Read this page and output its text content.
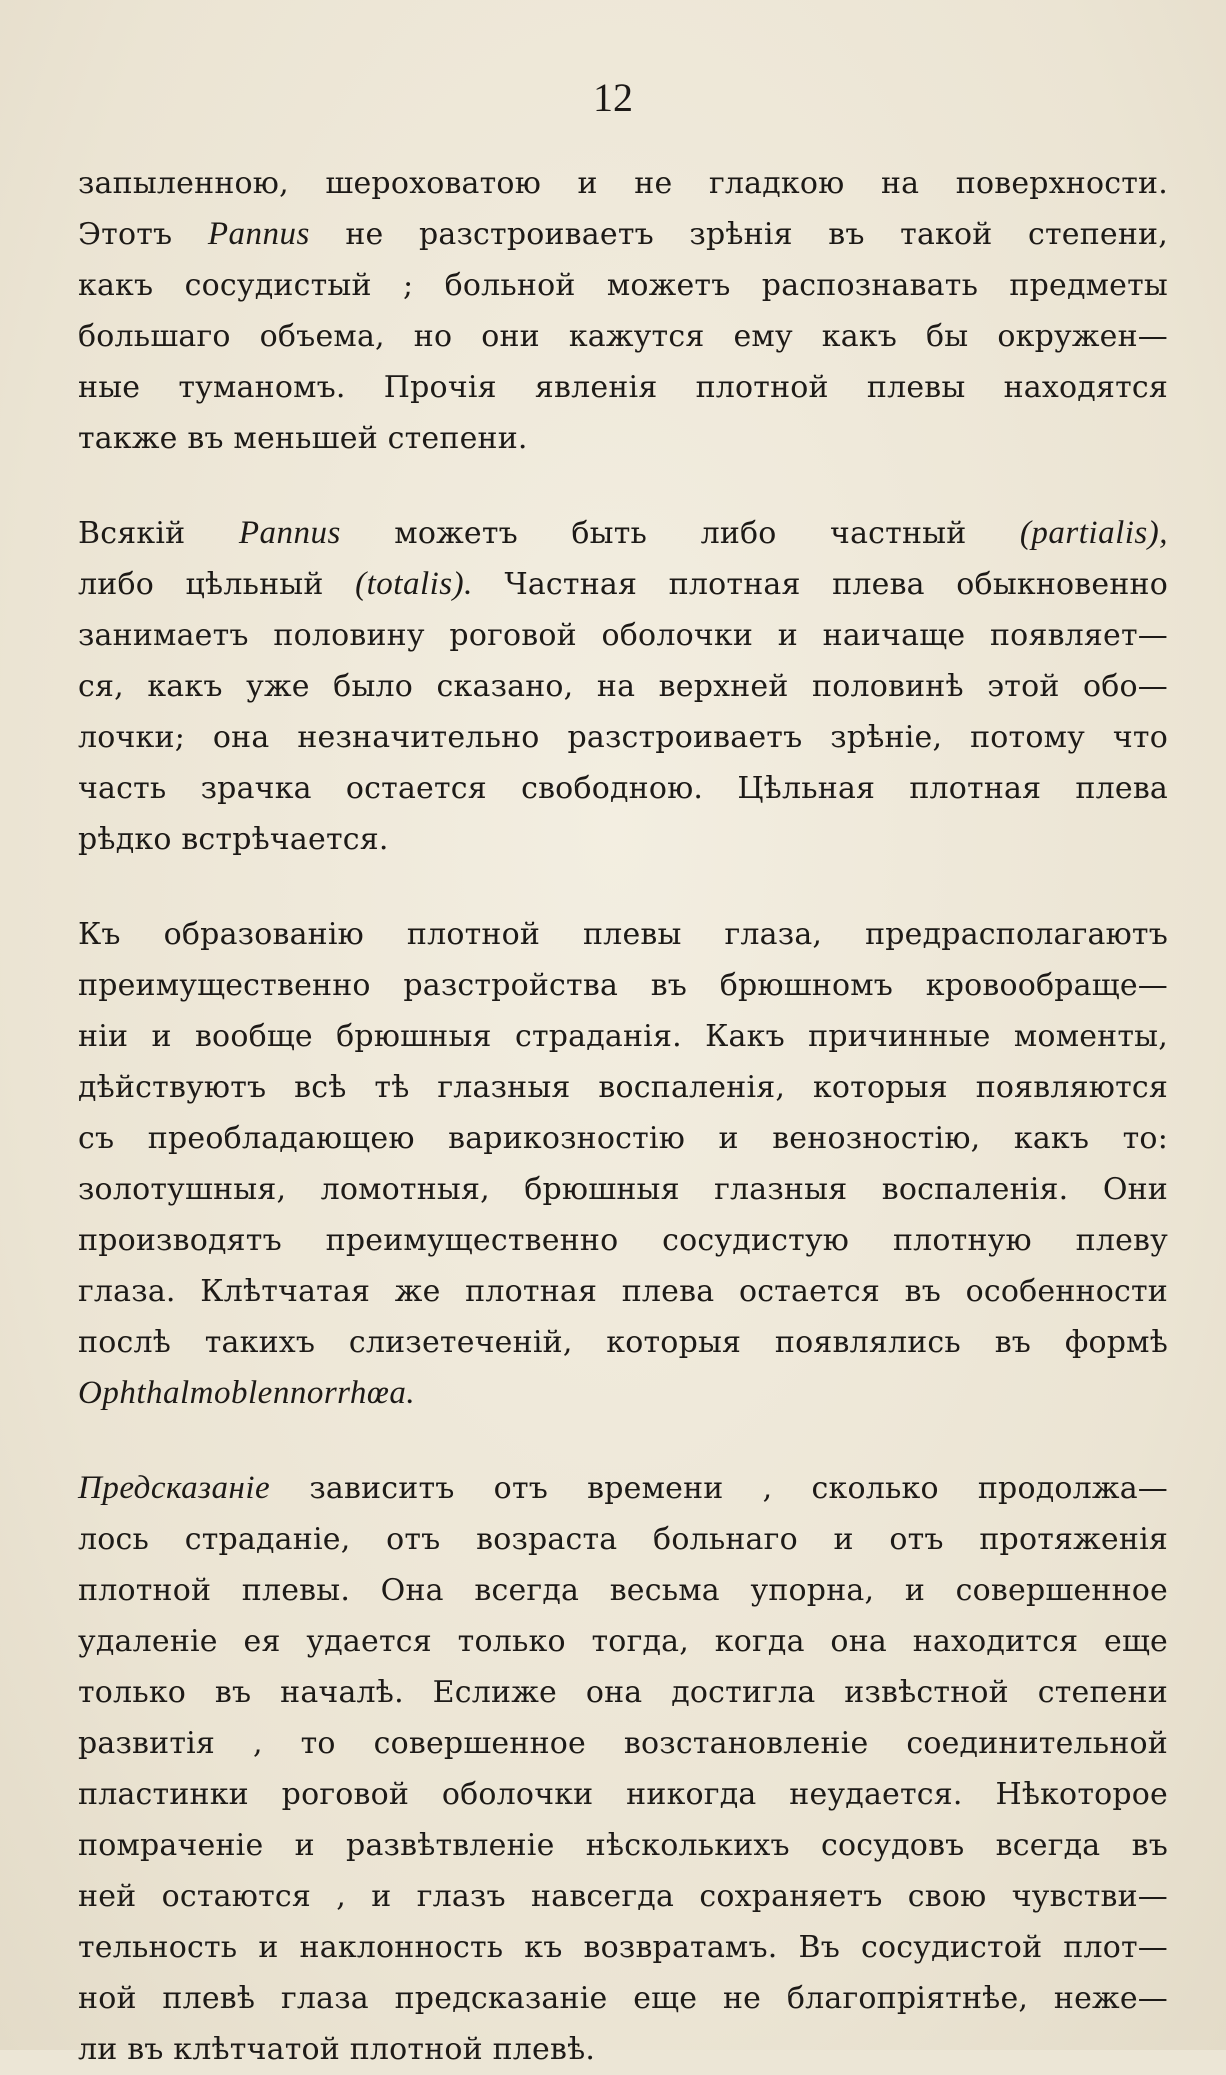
12
запыленною, шероховатою и не гладкою на поверхности.
Этотъ Pannus не разстроиваетъ зрѣнія въ такой степени,
какъ сосудистый ; больной можетъ распознавать предметы
большаго объема, но они кажутся ему какъ бы окружен—
ные туманомъ. Прочія явленія плотной плевы находятся
также въ меньшей степени.
Всякій Pannus можетъ быть либо частный (partialis),
либо цѣльный (totalis). Частная плотная плева обыкновенно
занимаетъ половину роговой оболочки и наичаще появляет—
ся, какъ уже было сказано, на верхней половинѣ этой обо—
лочки; она незначительно разстроиваетъ зрѣніе, потому что
часть зрачка остается свободною. Цѣльная плотная плева
рѣдко встрѣчается.
Къ образованію плотной плевы глаза, предрасполагаютъ
преимущественно разстройства въ брюшномъ кровообраще—
ніи и вообще брюшныя страданія. Какъ причинные моменты,
дѣйствуютъ всѣ тѣ глазныя воспаленія, которыя появляются
съ преобладающею варикозностію и венозностію, какъ то:
золотушныя, ломотныя, брюшныя глазныя воспаленія. Они
производятъ преимущественно сосудистую плотную плеву
глаза. Клѣтчатая же плотная плева остается въ особенности
послѣ такихъ слизетеченій, которыя появлялись въ формѣ
Ophthalmoblennorrhœa.
Предсказаніе зависитъ отъ времени , сколько продолжа—
лось страданіе, отъ возраста больнаго и отъ протяженія
плотной плевы. Она всегда весьма упорна, и совершенное
удаленіе ея удается только тогда, когда она находится еще
только въ началѣ. Еслиже она достигла извѣстной степени
развитія , то совершенное возстановленіе соединительной
пластинки роговой оболочки никогда неудается. Нѣкоторое
помраченіе и развѣтвленіе нѣсколькихъ сосудовъ всегда въ
ней остаются , и глазъ навсегда сохраняетъ свою чувстви—
тельность и наклонность къ возвратамъ. Въ сосудистой плот—
ной плевѣ глаза предсказаніе еще не благопріятнѣе, неже—
ли въ клѣтчатой плотной плевѣ.
